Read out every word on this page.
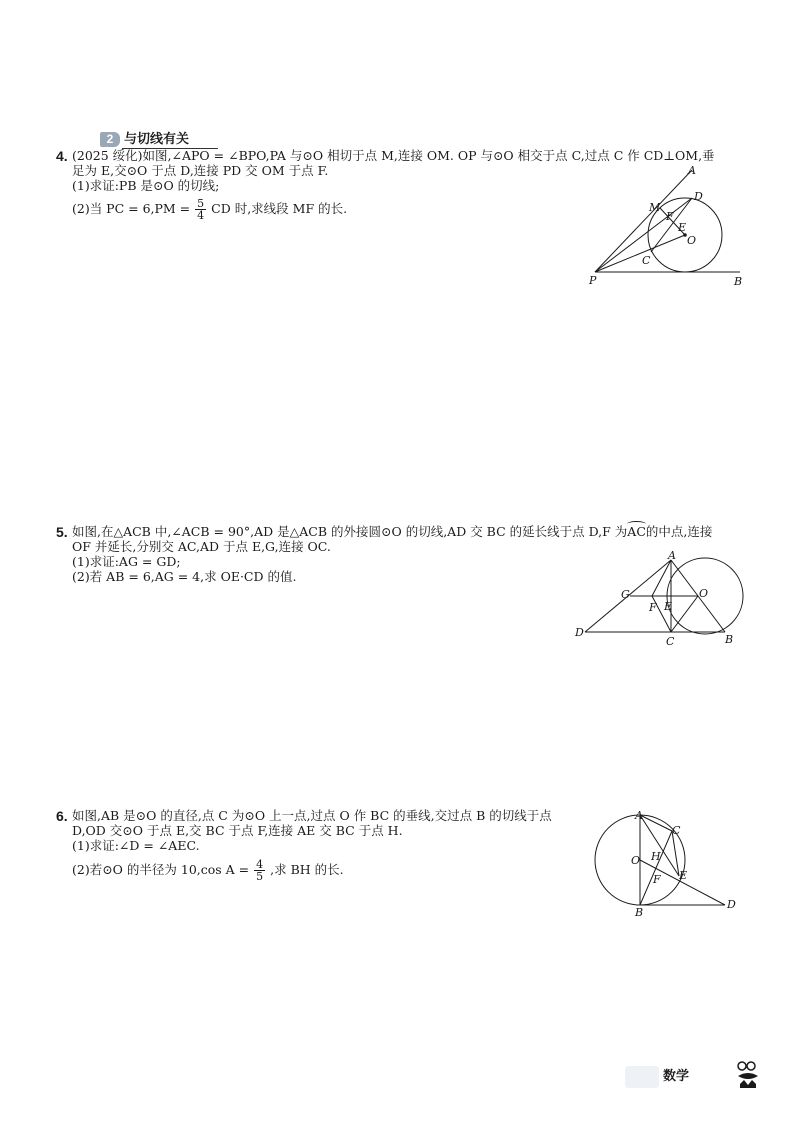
2 与切线有关
4. (2025 绥化)如图,∠APO = ∠BPO,PA 与⊙O 相切于点 M,连接 OM. OP 与⊙O 相交于点 C,过点 C 作 CD⊥OM,垂
足为 E,交⊙O 于点 D,连接 PD 交 OM 于点 F.
(1)求证:PB 是⊙O 的切线;
(2)当 PC = $6,PM = \frac{5}{4}$ CD 时,求线段 MF 的长.
A
D
M
F
E
O
C
P	B
5. 如图,在△ACB 中,∠ACB = 90°,AD 是△ACB 的外接圆⊙O 的切线,AD 交 BC 的延长线于点 D,F 为AC的中点,连接
OF 并延长,分别交 AC,AD 于点 E,G,连接 OC.
(1)求证:AG = GD;
(2)若 AB = 6,AG = 4,求 OE·CD 的值.
A
G
F E
O
D
C	B
6. 如图,AB 是⊙O 的直径,点 C 为⊙O 上一点,过点 O 作 BC 的垂线,交过点 B 的切线于点
D,OD 交⊙O 于点 E,交 BC 于点 F,连接 AE 交 BC 于点 H.
(1)求证:∠D = ∠AEC.
(2)若⊙O 的半径为 10,cos $A = \frac{4}{5}$ ,求 BH 的长.
A
C
O H
F E
B
D
数学
